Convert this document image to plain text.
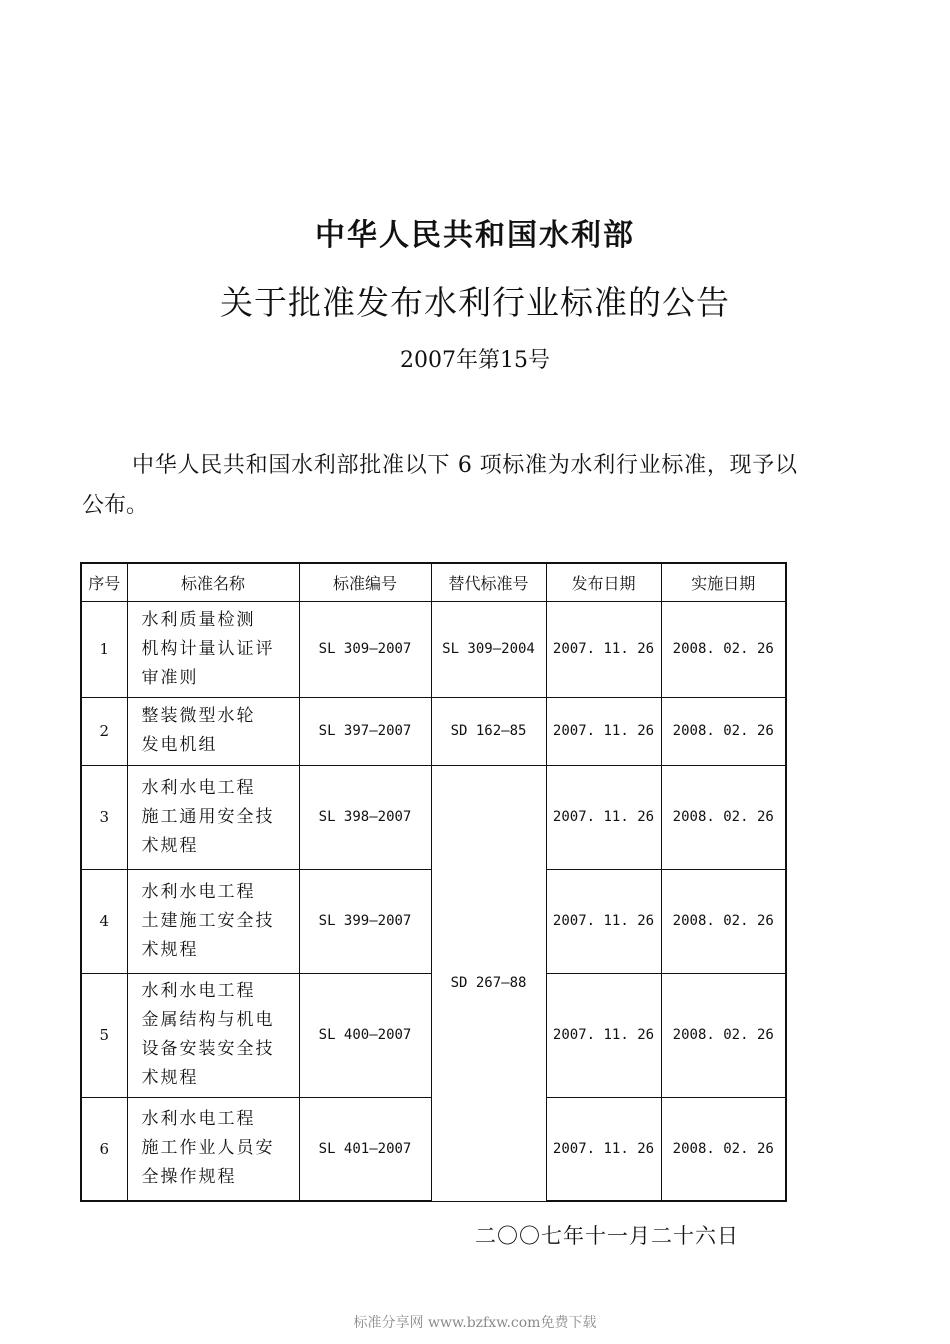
中华人民共和国水利部
关于批准发布水利行业标准的公告
2007年第15号
中华人民共和国水利部批准以下 6 项标准为水利行业标准，现予以公布。
序号	标准名称	标准编号	替代标准号	发布日期	实施日期
1	水利质量检测
机构计量认证评
审准则	SL 309—2007	SL 309—2004	2007. 11. 26	2008. 02. 26
2	整装微型水轮
发电机组	SL 397—2007	SD 162—85	2007. 11. 26	2008. 02. 26
3	水利水电工程
施工通用安全技
术规程	SL 398—2007	SD 267—88	2007. 11. 26	2008. 02. 26
4	水利水电工程
土建施工安全技
术规程	SL 399—2007		2007. 11. 26	2008. 02. 26
5	水利水电工程
金属结构与机电
设备安装安全技
术规程	SL 400—2007		2007. 11. 26	2008. 02. 26
6	水利水电工程
施工作业人员安
全操作规程	SL 401—2007		2007. 11. 26	2008. 02. 26
二〇〇七年十一月二十六日
标准分享网 www.bzfxw.com免费下载
